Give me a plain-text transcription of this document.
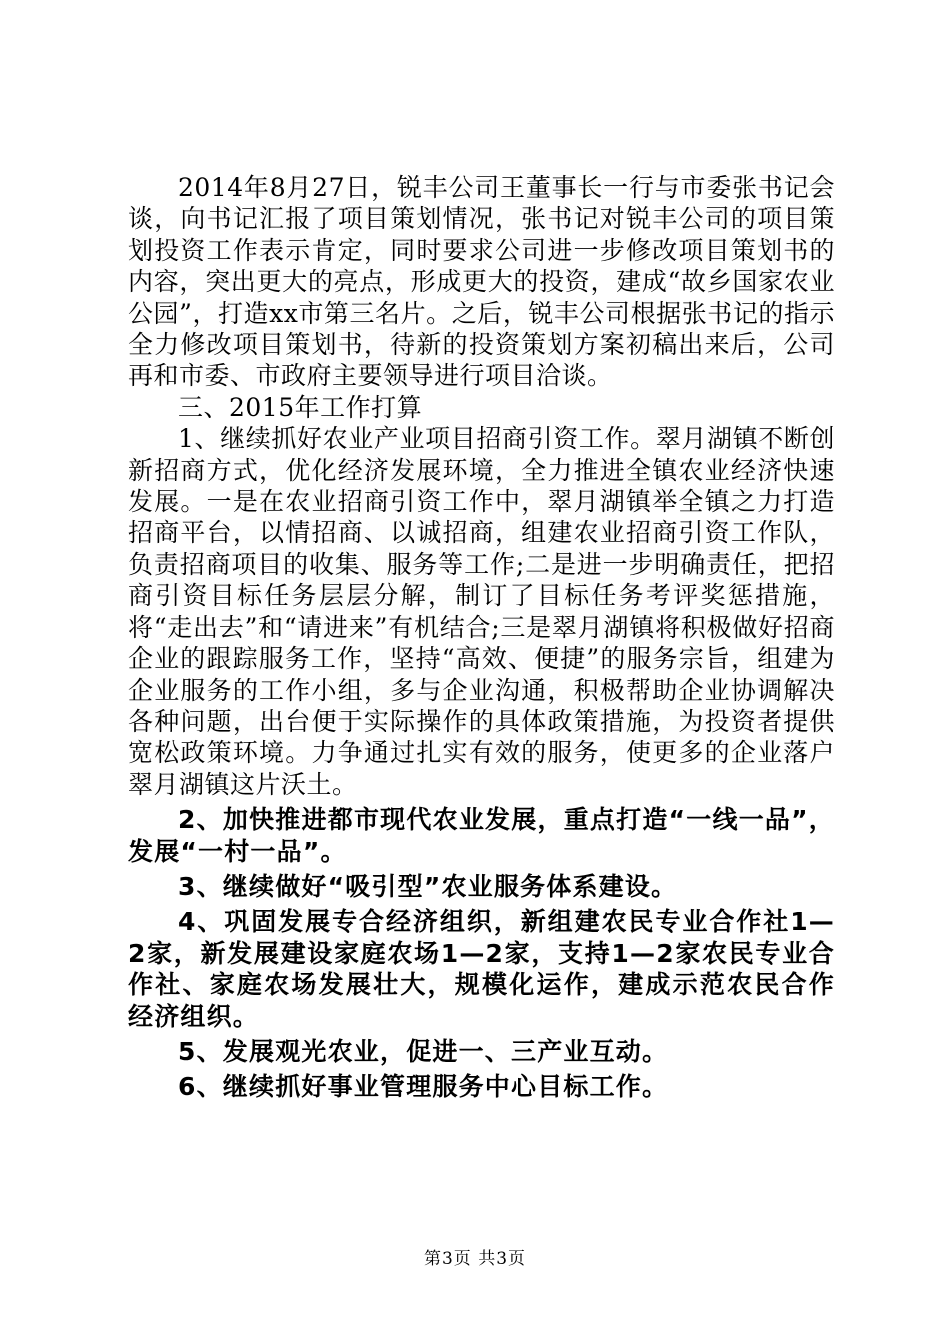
2014年8月27日，锐丰公司王董事长一行与市委张书记会谈，向书记汇报了项目策划情况，张书记对锐丰公司的项目策划投资工作表示肯定，同时要求公司进一步修改项目策划书的内容，突出更大的亮点，形成更大的投资，建成“故乡国家农业公园”，打造xx市第三名片。之后，锐丰公司根据张书记的指示全力修改项目策划书，待新的投资策划方案初稿出来后，公司再和市委、市政府主要领导进行项目洽谈。

三、2015年工作打算

1、继续抓好农业产业项目招商引资工作。翠月湖镇不断创新招商方式，优化经济发展环境，全力推进全镇农业经济快速发展。一是在农业招商引资工作中，翠月湖镇举全镇之力打造招商平台，以情招商、以诚招商，组建农业招商引资工作队，负责招商项目的收集、服务等工作;二是进一步明确责任，把招商引资目标任务层层分解，制订了目标任务考评奖惩措施，将“走出去”和“请进来”有机结合;三是翠月湖镇将积极做好招商企业的跟踪服务工作，坚持“高效、便捷”的服务宗旨，组建为企业服务的工作小组，多与企业沟通，积极帮助企业协调解决各种问题，出台便于实际操作的具体政策措施，为投资者提供宽松政策环境。力争通过扎实有效的服务，使更多的企业落户翠月湖镇这片沃土。

2、加快推进都市现代农业发展，重点打造“一线一品”，发展“一村一品”。

3、继续做好“吸引型”农业服务体系建设。

4、巩固发展专合经济组织，新组建农民专业合作社1—2家，新发展建设家庭农场1—2家，支持1—2家农民专业合作社、家庭农场发展壮大，规模化运作，建成示范农民合作经济组织。

5、发展观光农业，促进一、三产业互动。

6、继续抓好事业管理服务中心目标工作。

第3页 共3页
